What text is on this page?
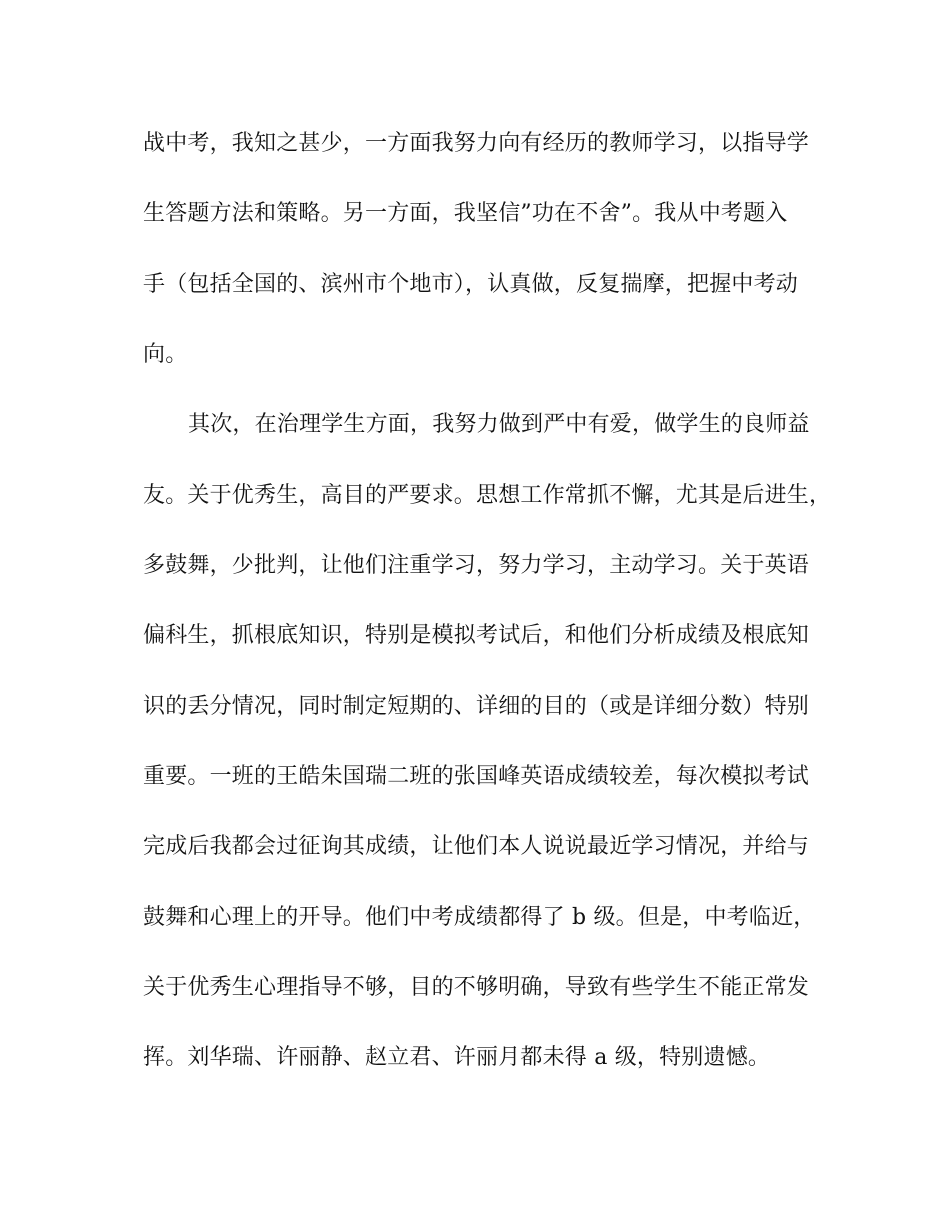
战中考，我知之甚少，一方面我努力向有经历的教师学习，以指导学
生答题方法和策略。另一方面，我坚信”功在不舍”。我从中考题入
手（包括全国的、滨州市个地市），认真做，反复揣摩，把握中考动
向。
其次，在治理学生方面，我努力做到严中有爱，做学生的良师益
友。关于优秀生，高目的严要求。思想工作常抓不懈，尤其是后进生，
多鼓舞，少批判，让他们注重学习，努力学习，主动学习。关于英语
偏科生，抓根底知识，特别是模拟考试后，和他们分析成绩及根底知
识的丢分情况，同时制定短期的、详细的目的（或是详细分数）特别
重要。一班的王皓朱国瑞二班的张国峰英语成绩较差，每次模拟考试
完成后我都会过征询其成绩，让他们本人说说最近学习情况，并给与
鼓舞和心理上的开导。他们中考成绩都得了 b 级。但是，中考临近，
关于优秀生心理指导不够，目的不够明确，导致有些学生不能正常发
挥。刘华瑞、许丽静、赵立君、许丽月都未得 a 级，特别遗憾。
